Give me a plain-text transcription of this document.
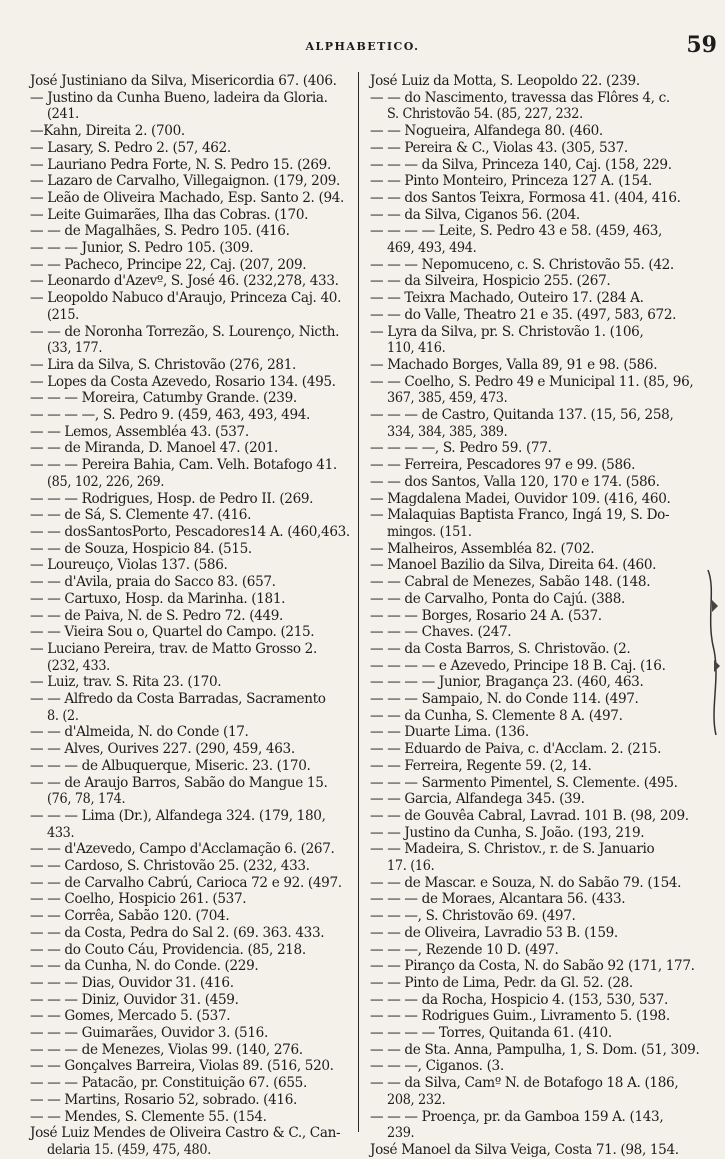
ALPHABETICO.	59
José Justiniano da Silva, Misericordia 67. (406.
— Justino da Cunha Bueno, ladeira da Gloria.
(241.
—Kahn, Direita 2. (700.
— Lasary, S. Pedro 2. (57, 462.
— Lauriano Pedra Forte, N. S. Pedro 15. (269.
— Lazaro de Carvalho, Villegaignon. (179, 209.
— Leão de Oliveira Machado, Esp. Santo 2. (94.
— Leite Guimarães, Ilha das Cobras. (170.
— — de Magalhães, S. Pedro 105. (416.
— — — Junior, S. Pedro 105. (309.
— — Pacheco, Principe 22, Caj. (207, 209.
— Leonardo d'Azevº, S. José 46. (232,278, 433.
— Leopoldo Nabuco d'Araujo, Princeza Caj. 40.
(215.
— — de Noronha Torrezão, S. Lourenço, Nicth.
(33, 177.
— Lira da Silva, S. Christovão (276, 281.
— Lopes da Costa Azevedo, Rosario 134. (495.
— — — Moreira, Catumby Grande. (239.
— — — —, S. Pedro 9. (459, 463, 493, 494.
— — Lemos, Assembléa 43. (537.
— — de Miranda, D. Manoel 47. (201.
— — — Pereira Bahia, Cam. Velh. Botafogo 41.
(85, 102, 226, 269.
— — — Rodrigues, Hosp. de Pedro II. (269.
— — de Sá, S. Clemente 47. (416.
— — dosSantosPorto, Pescadores14 A. (460,463.
— — de Souza, Hospicio 84. (515.
— Loureuço, Violas 137. (586.
— — d'Avila, praia do Sacco 83. (657.
— — Cartuxo, Hosp. da Marinha. (181.
— — de Paiva, N. de S. Pedro 72. (449.
— — Vieira Sou o, Quartel do Campo. (215.
— Luciano Pereira, trav. de Matto Grosso 2.
(232, 433.
— Luiz, trav. S. Rita 23. (170.
— — Alfredo da Costa Barradas, Sacramento
8. (2.
— — d'Almeida, N. do Conde (17.
— — Alves, Ourives 227. (290, 459, 463.
— — — de Albuquerque, Miseric. 23. (170.
— — de Araujo Barros, Sabão do Mangue 15.
(76, 78, 174.
— — — Lima (Dr.), Alfandega 324. (179, 180,
433.
— — d'Azevedo, Campo d'Acclamação 6. (267.
— — Cardoso, S. Christovão 25. (232, 433.
— — de Carvalho Cabrú, Carioca 72 e 92. (497.
— — Coelho, Hospicio 261. (537.
— — Corrêa, Sabão 120. (704.
— — da Costa, Pedra do Sal 2. (69. 363. 433.
— — do Couto Cáu, Providencia. (85, 218.
— — da Cunha, N. do Conde. (229.
— — — Dias, Ouvidor 31. (416.
— — — Diniz, Ouvidor 31. (459.
— — Gomes, Mercado 5. (537.
— — — Guimarães, Ouvidor 3. (516.
— — — de Menezes, Violas 99. (140, 276.
— — Gonçalves Barreira, Violas 89. (516, 520.
— — — Patacão, pr. Constituição 67. (655.
— — Martins, Rosario 52, sobrado. (416.
— — Mendes, S. Clemente 55. (154.
José Luiz Mendes de Oliveira Castro & C., Can-
delaria 15. (459, 475, 480.
José Luiz da Motta, S. Leopoldo 22. (239.
— — do Nascimento, travessa das Flôres 4, c.
S. Christovão 54. (85, 227, 232.
— — Nogueira, Alfandega 80. (460.
— — Pereira & C., Violas 43. (305, 537.
— — — da Silva, Princeza 140, Caj. (158, 229.
— — Pinto Monteiro, Princeza 127 A. (154.
— — dos Santos Teixra, Formosa 41. (404, 416.
— — da Silva, Ciganos 56. (204.
— — — — Leite, S. Pedro 43 e 58. (459, 463,
469, 493, 494.
— — — Nepomuceno, c. S. Christovão 55. (42.
— — da Silveira, Hospicio 255. (267.
— — Teixra Machado, Outeiro 17. (284 A.
— — do Valle, Theatro 21 e 35. (497, 583, 672.
— Lyra da Silva, pr. S. Christovão 1. (106,
110, 416.
— Machado Borges, Valla 89, 91 e 98. (586.
— — Coelho, S. Pedro 49 e Municipal 11. (85, 96,
367, 385, 459, 473.
— — — de Castro, Quitanda 137. (15, 56, 258,
334, 384, 385, 389.
— — — —, S. Pedro 59. (77.
— — Ferreira, Pescadores 97 e 99. (586.
— — dos Santos, Valla 120, 170 e 174. (586.
— Magdalena Madei, Ouvidor 109. (416, 460.
— Malaquias Baptista Franco, Ingá 19, S. Do-
mingos. (151.
— Malheiros, Assembléa 82. (702.
— Manoel Bazilio da Silva, Direita 64. (460.
— — Cabral de Menezes, Sabão 148. (148.
— — de Carvalho, Ponta do Cajú. (388.
— — — Borges, Rosario 24 A. (537.
— — — Chaves. (247.
— — da Costa Barros, S. Christovão. (2.
— — — — e Azevedo, Principe 18 B. Caj. (16.
— — — — Junior, Bragança 23. (460, 463.
— — — Sampaio, N. do Conde 114. (497.
— — da Cunha, S. Clemente 8 A. (497.
— — Duarte Lima. (136.
— — Eduardo de Paiva, c. d'Acclam. 2. (215.
— — Ferreira, Regente 59. (2, 14.
— — — Sarmento Pimentel, S. Clemente. (495.
— — Garcia, Alfandega 345. (39.
— — de Gouvêa Cabral, Lavrad. 101 B. (98, 209.
— — Justino da Cunha, S. João. (193, 219.
— — Madeira, S. Christov., r. de S. Januario
17. (16.
— — de Mascar. e Souza, N. do Sabão 79. (154.
— — — de Moraes, Alcantara 56. (433.
— — —, S. Christovão 69. (497.
— — de Oliveira, Lavradio 53 B. (159.
— — —, Rezende 10 D. (497.
— — Piranço da Costa, N. do Sabão 92 (171, 177.
— — Pinto de Lima, Pedr. da Gl. 52. (28.
— — — da Rocha, Hospicio 4. (153, 530, 537.
— — — Rodrigues Guim., Livramento 5. (198.
— — — — Torres, Quitanda 61. (410.
— — de Sta. Anna, Pampulha, 1, S. Dom. (51, 309.
— — —, Ciganos. (3.
— — da Silva, Camº N. de Botafogo 18 A. (186,
208, 232.
— — — Proença, pr. da Gamboa 159 A. (143,
239.
José Manoel da Silva Veiga, Costa 71. (98, 154.
